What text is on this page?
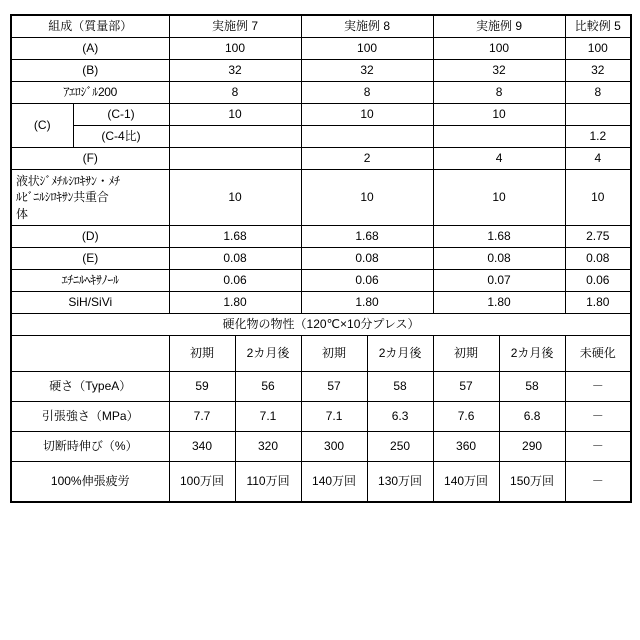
組成（質量部）		実施例 7		実施例 8		実施例 9		比較例 5
(A)		100		100		100		100
(B)		32		32		32		32
ｱｴﾛｼﾞﾙ200		8		8		8		8
(C)	(C-1)	10		10		10		
	(C-4比)							1.2
(F)				2		4		4
液状ｼﾞﾒﾁﾙｼﾛｷｻﾝ・ﾒﾁ
ﾙﾋﾞﾆﾙｼﾛｷｻﾝ共重合
体		10		10		10		10
(D)		1.68		1.68		1.68		2.75
(E)		0.08		0.08		0.08		0.08
ｴﾁﾆﾙﾍｷｻﾉｰﾙ		0.06		0.06		0.07		0.06
SiH/SiVi		1.80		1.80		1.80		1.80
硬化物の物性（120℃×10分プレス）								
		初期	2カ月後	初期	2カ月後	初期	2カ月後	未硬化
硬さ（TypeA）		59	56	57	58	57	58	－
引張強さ（MPa）		7.7	7.1	7.1	6.3	7.6	6.8	－
切断時伸び（%）		340	320	300	250	360	290	－
100%伸張疲労		100万回	110万回	140万回	130万回	140万回	150万回	－
